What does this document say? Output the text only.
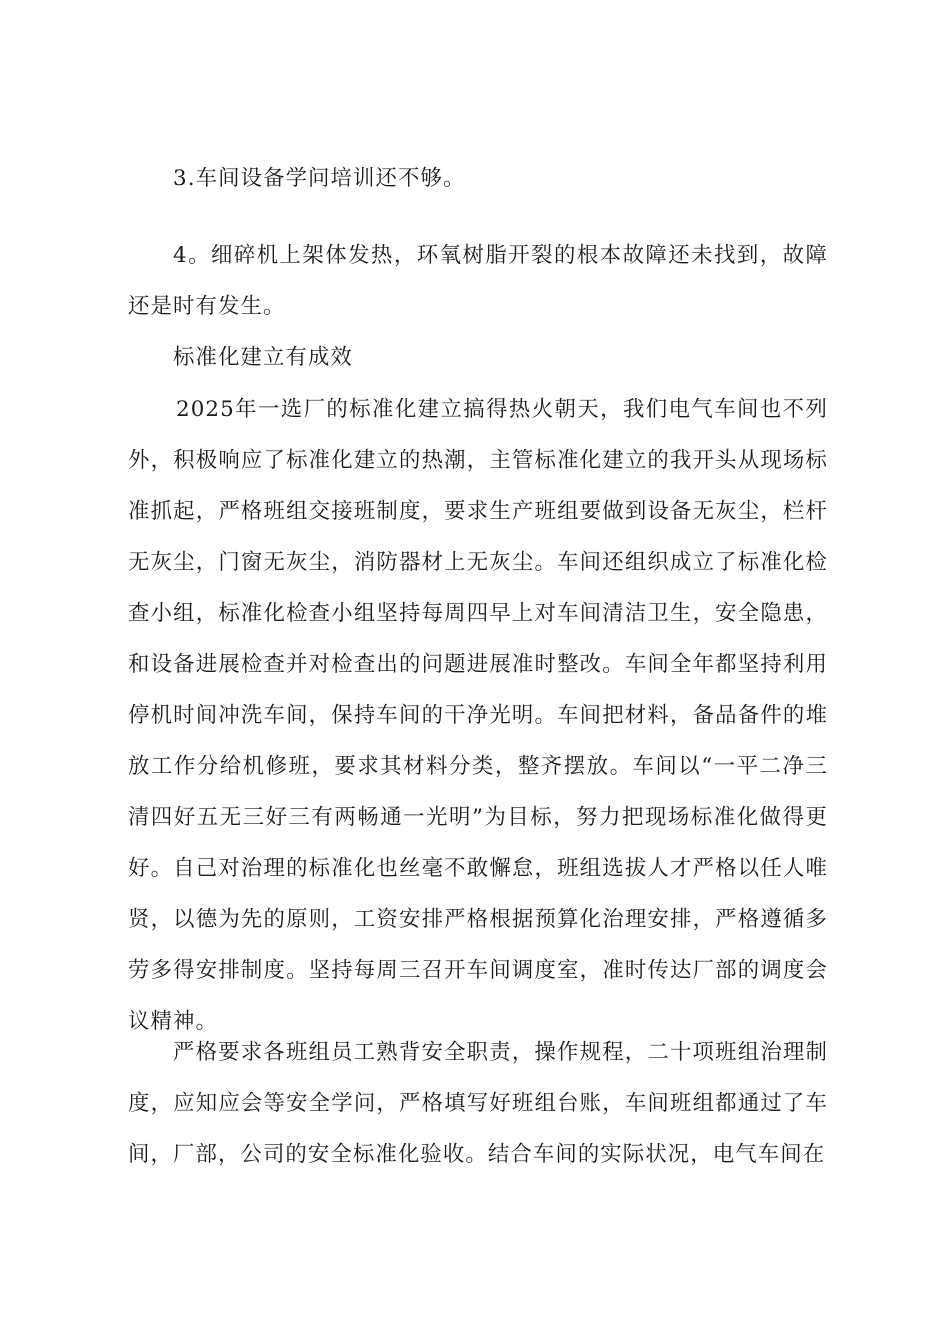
3.车间设备学问培训还不够。

4。细碎机上架体发热，环氧树脂开裂的根本故障还未找到，故障还是时有发生。

标准化建立有成效

2025年一选厂的标准化建立搞得热火朝天，我们电气车间也不列外，积极响应了标准化建立的热潮，主管标准化建立的我开头从现场标准抓起，严格班组交接班制度，要求生产班组要做到设备无灰尘，栏杆无灰尘，门窗无灰尘，消防器材上无灰尘。车间还组织成立了标准化检查小组，标准化检查小组坚持每周四早上对车间清洁卫生，安全隐患，和设备进展检查并对检查出的问题进展准时整改。车间全年都坚持利用停机时间冲洗车间，保持车间的干净光明。车间把材料，备品备件的堆放工作分给机修班，要求其材料分类，整齐摆放。车间以“一平二净三清四好五无三好三有两畅通一光明”为目标，努力把现场标准化做得更好。自己对治理的标准化也丝毫不敢懈怠，班组选拔人才严格以任人唯贤，以德为先的原则，工资安排严格根据预算化治理安排，严格遵循多劳多得安排制度。坚持每周三召开车间调度室，准时传达厂部的调度会议精神。

严格要求各班组员工熟背安全职责，操作规程，二十项班组治理制度，应知应会等安全学问，严格填写好班组台账，车间班组都通过了车间，厂部，公司的安全标准化验收。结合车间的实际状况，电气车间在
